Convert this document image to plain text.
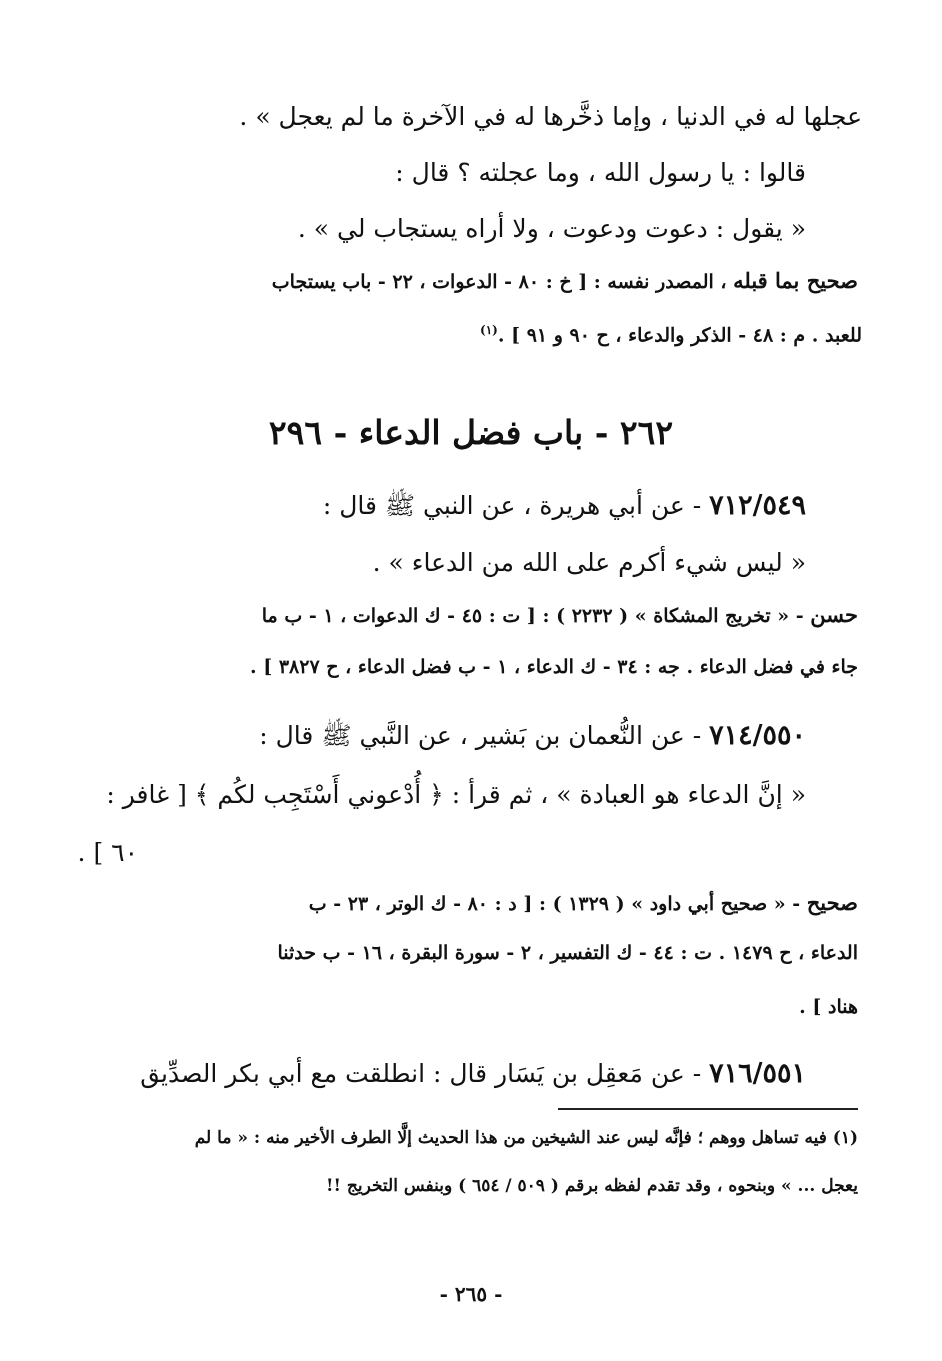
عجلها له في الدنيا ، وإما ذخَّرها له في الآخرة ما لم يعجل » .
قالوا : يا رسول الله ، وما عجلته ؟ قال :
« يقول : دعوت ودعوت ، ولا أراه يستجاب لي » .
صحيح بما قبله ، المصدر نفسه : [ خ : ٨٠ - الدعوات ، ٢٢ - باب يستجاب
للعبد . م : ٤٨ - الذكر والدعاء ، ح ٩٠ و ٩١ ] .$^{(١)}$
٢٦٢ - باب فضل الدعاء - ٢٩٦
٧١٢/٥٤٩ - عن أبي هريرة ، عن النبي ﷺ قال :
« ليس شيء أكرم على الله من الدعاء » .
حسن - « تخريج المشكاة » ( ٢٢٣٢ ) : [ ت : ٤٥ - ك الدعوات ، ١ - ب ما
جاء في فضل الدعاء . جه : ٣٤ - ك الدعاء ، ١ - ب فضل الدعاء ، ح ٣٨٢٧ ] .
٧١٤/٥٥٠ - عن النُّعمان بن بَشير ، عن النَّبي ﷺ قال :
« إنَّ الدعاء هو العبادة » ، ثم قرأ : ﴿ أُدْعوني أَسْتَجِب لكُم ﴾ [ غافر :
٦٠ ] .
صحيح - « صحيح أبي داود » ( ١٣٢٩ ) : [ د : ٨٠ - ك الوتر ، ٢٣ - ب
الدعاء ، ح ١٤٧٩ . ت : ٤٤ - ك التفسير ، ٢ - سورة البقرة ، ١٦ - ب حدثنا
هناد ] .
٧١٦/٥٥١ - عن مَعقِل بن يَسَار قال : انطلقت مع أبي بكر الصدِّيق
(١) فيه تساهل ووهم ؛ فإنَّه ليس عند الشيخين من هذا الحديث إلَّا الطرف الأخير منه : « ما لم
يعجل ... » وبنحوه ، وقد تقدم لفظه برقم ( ٥٠٩ / ٦٥٤ ) وبنفس التخريج !!
- ٢٦٥ -
